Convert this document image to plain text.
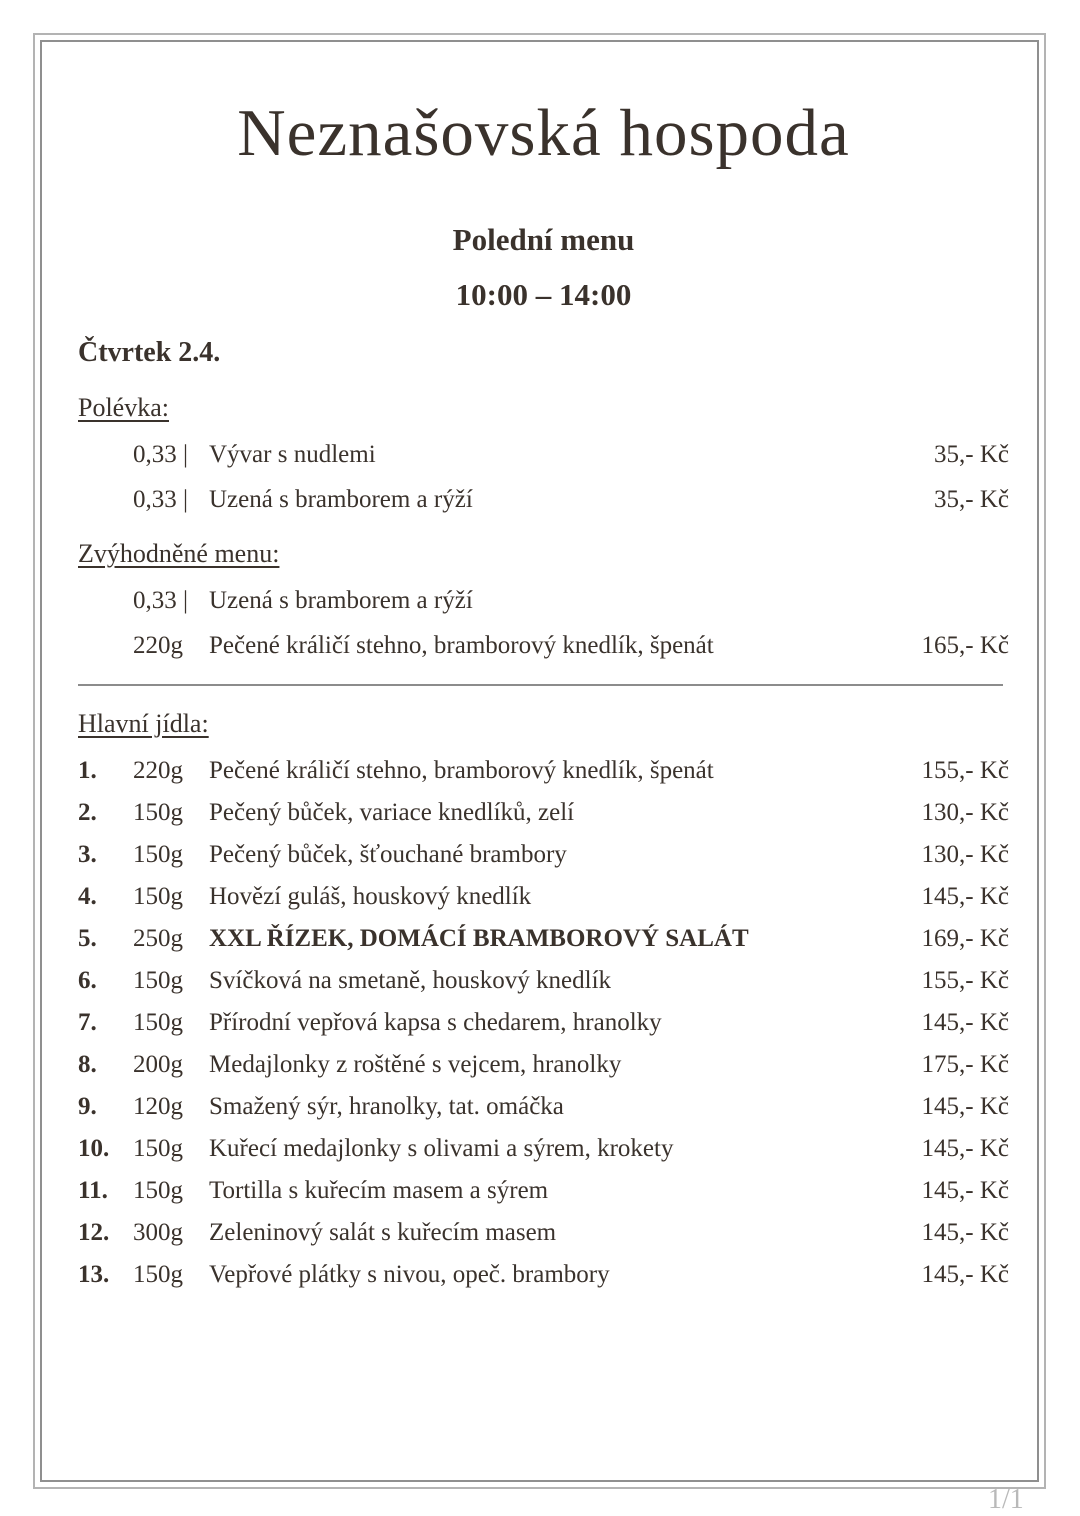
Neznašovská hospoda
Polední menu
10:00 – 14:00
Čtvrtek 2.4.
Polévka:
0,33 | Vývar s nudlemi	35,- Kč
0,33 | Uzená s bramborem a rýží	35,- Kč
Zvýhodněné menu:
0,33 | Uzená s bramborem a rýží
220g	Pečené králičí stehno, bramborový knedlík, špenát	165,- Kč
Hlavní jídla:
1.	220g	Pečené králičí stehno, bramborový knedlík, špenát	155,- Kč
2.	150g	Pečený bůček, variace knedlíků, zelí	130,- Kč
3.	150g	Pečený bůček, šťouchané brambory	130,- Kč
4.	150g	Hovězí guláš, houskový knedlík	145,- Kč
5.	250g	XXL ŘÍZEK, DOMÁCÍ BRAMBOROVÝ SALÁT	169,- Kč
6.	150g	Svíčková na smetaně, houskový knedlík	155,- Kč
7.	150g	Přírodní vepřová kapsa s chedarem, hranolky	145,- Kč
8.	200g	Medajlonky z roštěné s vejcem, hranolky	175,- Kč
9.	120g	Smažený sýr, hranolky, tat. omáčka	145,- Kč
10. 150g	Kuřecí medajlonky s olivami a sýrem, krokety	145,- Kč
11.	150g	Tortilla s kuřecím masem a sýrem	145,- Kč
12. 300g	Zeleninový salát s kuřecím masem	145,- Kč
13. 150g	Vepřové plátky s nivou, opeč. brambory	145,- Kč
1/1
